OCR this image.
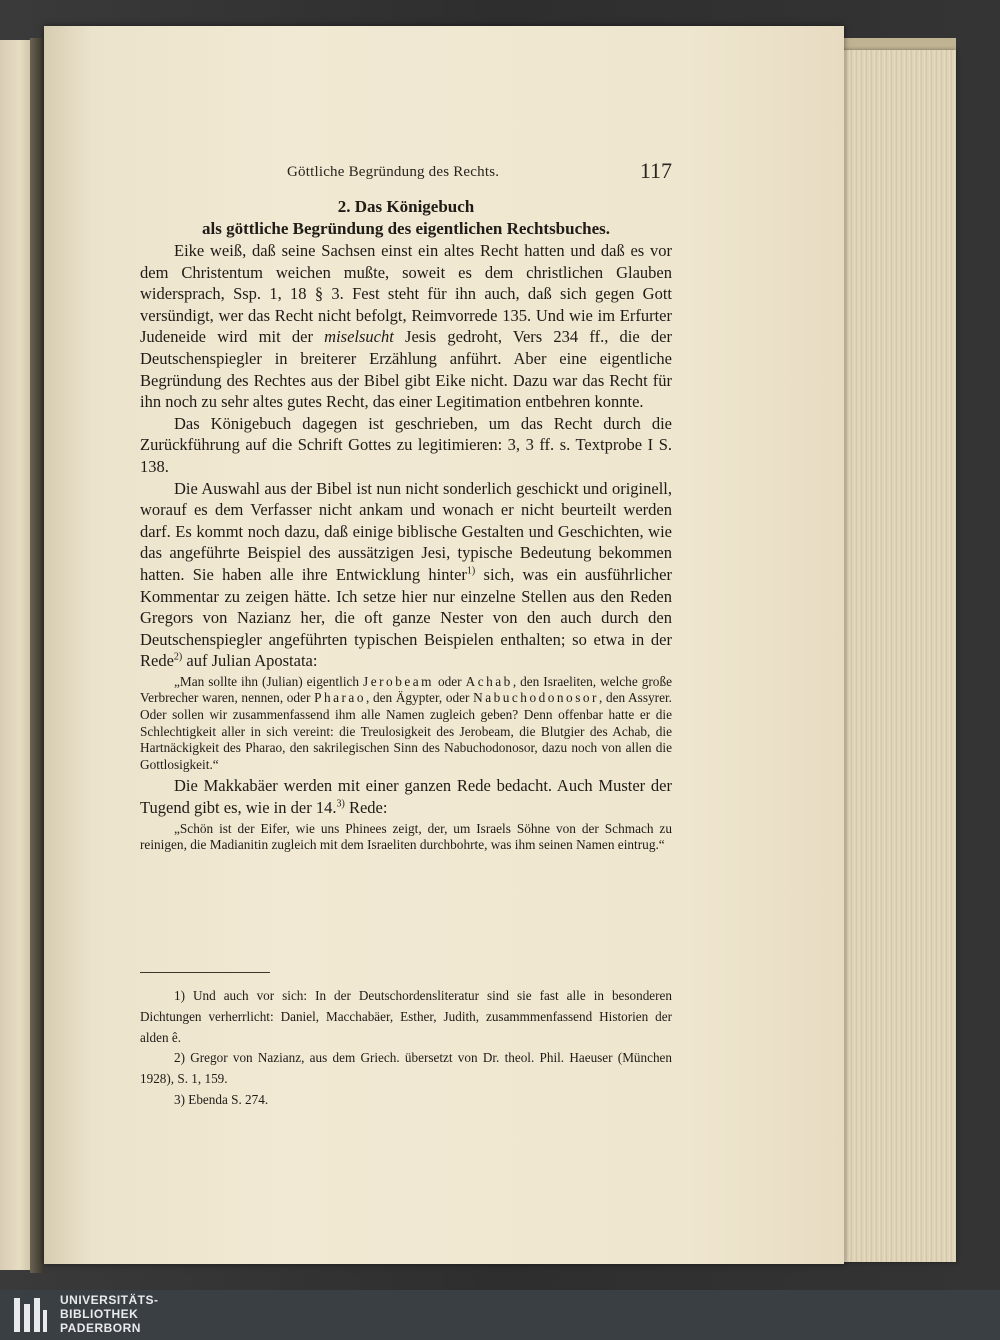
Göttliche Begründung des Rechts.	117

2. Das Königebuch
als göttliche Begründung des eigentlichen Rechtsbuches.

Eike weiß, daß seine Sachsen einst ein altes Recht hatten und daß es vor dem Christentum weichen mußte, soweit es dem christlichen Glauben widersprach, Ssp. 1, 18 § 3. Fest steht für ihn auch, daß sich gegen Gott versündigt, wer das Recht nicht befolgt, Reimvorrede 135. Und wie im Erfurter Judeneide wird mit der miselsucht Jesis gedroht, Vers 234 ff., die der Deutschenspiegler in breiterer Erzählung anführt. Aber eine eigentliche Begründung des Rechtes aus der Bibel gibt Eike nicht. Dazu war das Recht für ihn noch zu sehr altes gutes Recht, das einer Legitimation entbehren konnte.

Das Königebuch dagegen ist geschrieben, um das Recht durch die Zurückführung auf die Schrift Gottes zu legitimieren: 3, 3 ff. s. Textprobe I S. 138.

Die Auswahl aus der Bibel ist nun nicht sonderlich geschickt und originell, worauf es dem Verfasser nicht ankam und wonach er nicht beurteilt werden darf. Es kommt noch dazu, daß einige biblische Gestalten und Geschichten, wie das angeführte Beispiel des aussätzigen Jesi, typische Bedeutung bekommen hatten. Sie haben alle ihre Entwicklung hinter$^{1)}$ sich, was ein ausführlicher Kommentar zu zeigen hätte. Ich setze hier nur einzelne Stellen aus den Reden Gregors von Nazianz her, die oft ganze Nester von den auch durch den Deutschenspiegler angeführten typischen Beispielen enthalten; so etwa in der Rede$^{2)}$ auf Julian Apostata:

„Man sollte ihn (Julian) eigentlich Jerobeam oder Achab, den Israeliten, welche große Verbrecher waren, nennen, oder Pharao, den Ägypter, oder Nabuchodonosor, den Assyrer. Oder sollen wir zusammenfassend ihm alle Namen zugleich geben? Denn offenbar hatte er die Schlechtigkeit aller in sich vereint: die Treulosigkeit des Jerobeam, die Blutgier des Achab, die Hartnäckigkeit des Pharao, den sakrilegischen Sinn des Nabuchodonosor, dazu noch von allen die Gottlosigkeit.“

Die Makkabäer werden mit einer ganzen Rede bedacht. Auch Muster der Tugend gibt es, wie in der 14.$^{3)}$ Rede:

„Schön ist der Eifer, wie uns Phinees zeigt, der, um Israels Söhne von der Schmach zu reinigen, die Madianitin zugleich mit dem Israeliten durchbohrte, was ihm seinen Namen eintrug.“

1) Und auch vor sich: In der Deutschordensliteratur sind sie fast alle in besonderen Dichtungen verherrlicht: Daniel, Macchabäer, Esther, Judith, zusammmenfassend Historien der alden ê.

2) Gregor von Nazianz, aus dem Griech. übersetzt von Dr. theol. Phil. Haeuser (München 1928), S. 1, 159.

3) Ebenda S. 274.

UNIVERSITÄTS-
BIBLIOTHEK
PADERBORN
